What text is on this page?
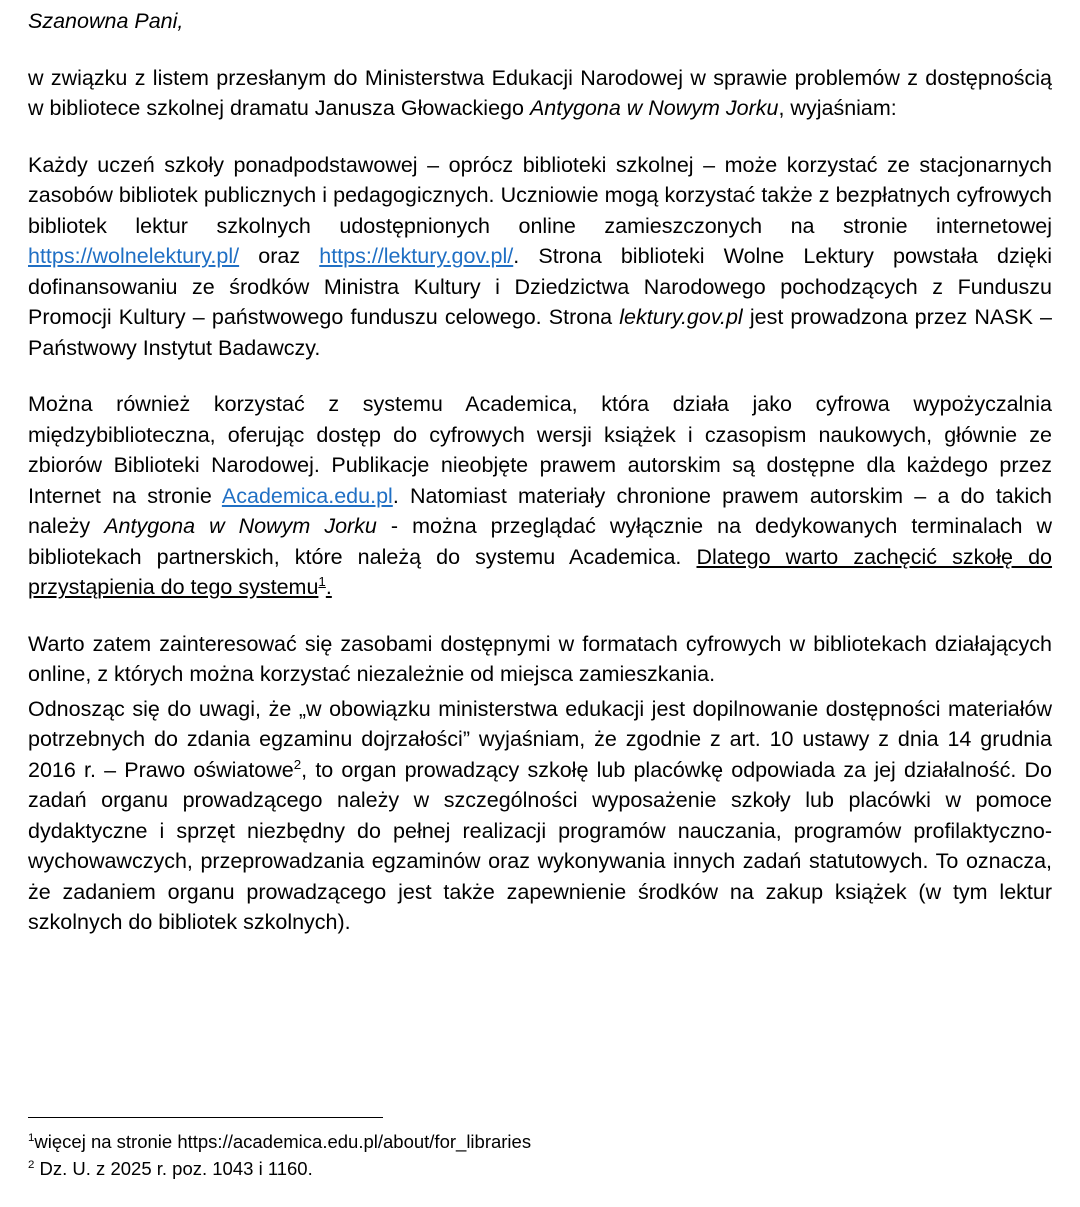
Szanowna Pani,

w związku z listem przesłanym do Ministerstwa Edukacji Narodowej w sprawie problemów z dostępnością w bibliotece szkolnej dramatu Janusza Głowackiego Antygona w Nowym Jorku, wyjaśniam:

Każdy uczeń szkoły ponadpodstawowej – oprócz biblioteki szkolnej – może korzystać ze stacjonarnych zasobów bibliotek publicznych i pedagogicznych. Uczniowie mogą korzystać także z bezpłatnych cyfrowych bibliotek lektur szkolnych udostępnionych online zamieszczonych na stronie internetowej https://wolnelektury.pl/ oraz https://lektury.gov.pl/. Strona biblioteki Wolne Lektury powstała dzięki dofinansowaniu ze środków Ministra Kultury i Dziedzictwa Narodowego pochodzących z Funduszu Promocji Kultury – państwowego funduszu celowego. Strona lektury.gov.pl jest prowadzona przez NASK – Państwowy Instytut Badawczy.

Można również korzystać z systemu Academica, która działa jako cyfrowa wypożyczalnia międzybiblioteczna, oferując dostęp do cyfrowych wersji książek i czasopism naukowych, głównie ze zbiorów Biblioteki Narodowej. Publikacje nieobjęte prawem autorskim są dostępne dla każdego przez Internet na stronie Academica.edu.pl. Natomiast materiały chronione prawem autorskim – a do takich należy Antygona w Nowym Jorku - można przeglądać wyłącznie na dedykowanych terminalach w bibliotekach partnerskich, które należą do systemu Academica. Dlatego warto zachęcić szkołę do przystąpienia do tego systemu$^1$.

Warto zatem zainteresować się zasobami dostępnymi w formatach cyfrowych w bibliotekach działających online, z których można korzystać niezależnie od miejsca zamieszkania.

Odnosząc się do uwagi, że „w obowiązku ministerstwa edukacji jest dopilnowanie dostępności materiałów potrzebnych do zdania egzaminu dojrzałości” wyjaśniam, że zgodnie z art. 10 ustawy z dnia 14 grudnia 2016 r. – Prawo oświatowe$^2$, to organ prowadzący szkołę lub placówkę odpowiada za jej działalność. Do zadań organu prowadzącego należy w szczególności wyposażenie szkoły lub placówki w pomoce dydaktyczne i sprzęt niezbędny do pełnej realizacji programów nauczania, programów profilaktyczno-wychowawczych, przeprowadzania egzaminów oraz wykonywania innych zadań statutowych. To oznacza, że zadaniem organu prowadzącego jest także zapewnienie środków na zakup książek (w tym lektur szkolnych do bibliotek szkolnych).

$^1$więcej na stronie https://academica.edu.pl/about/for_libraries

$^2$ Dz. U. z 2025 r. poz. 1043 i 1160.
